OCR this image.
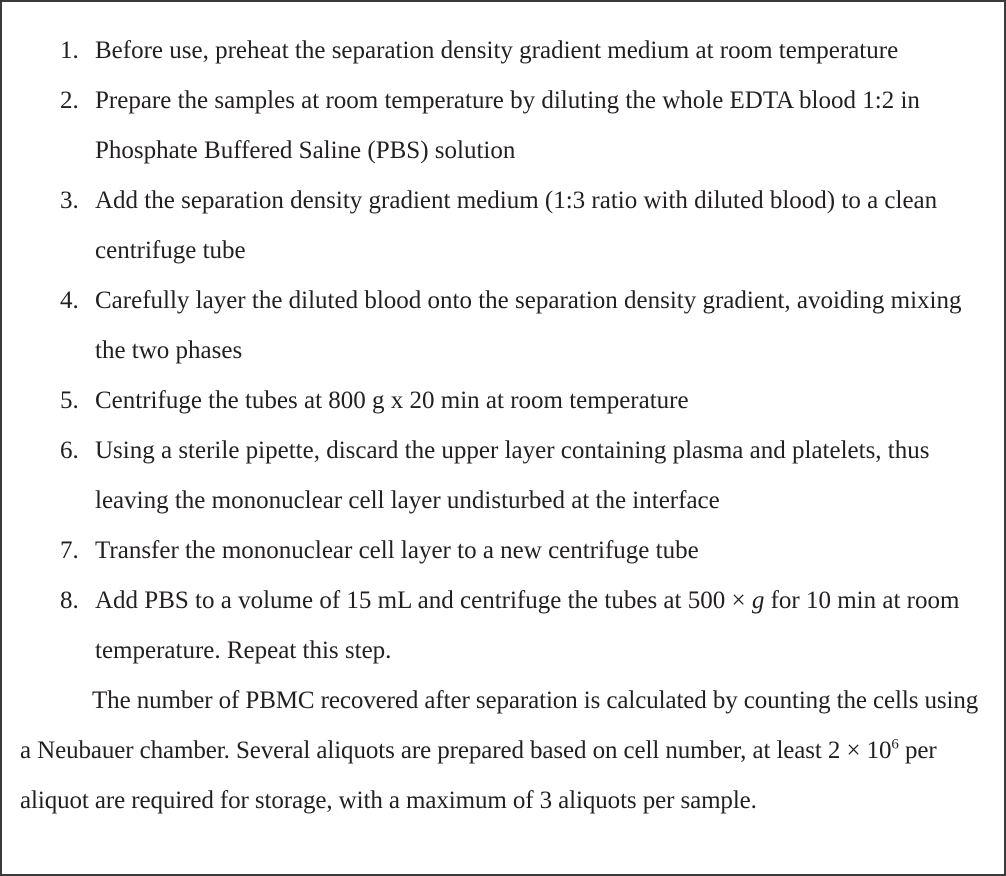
1. Before use, preheat the separation density gradient medium at room temperature
2. Prepare the samples at room temperature by diluting the whole EDTA blood 1:2 in Phosphate Buffered Saline (PBS) solution
3. Add the separation density gradient medium (1:3 ratio with diluted blood) to a clean centrifuge tube
4. Carefully layer the diluted blood onto the separation density gradient, avoiding mixing the two phases
5. Centrifuge the tubes at 800 g x 20 min at room temperature
6. Using a sterile pipette, discard the upper layer containing plasma and platelets, thus leaving the mononuclear cell layer undisturbed at the interface
7. Transfer the mononuclear cell layer to a new centrifuge tube
8. Add PBS to a volume of 15 mL and centrifuge the tubes at 500 × g for 10 min at room temperature. Repeat this step.

The number of PBMC recovered after separation is calculated by counting the cells using a Neubauer chamber. Several aliquots are prepared based on cell number, at least $2 \times 10^6$ per aliquot are required for storage, with a maximum of 3 aliquots per sample.
